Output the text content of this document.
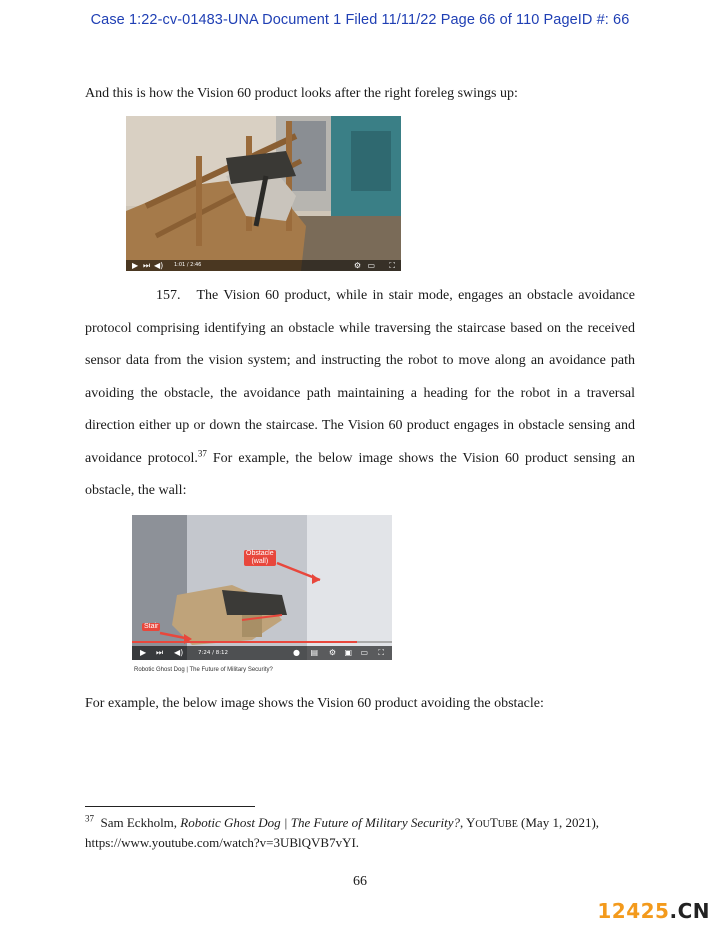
Case 1:22-cv-01483-UNA Document 1 Filed 11/11/22 Page 66 of 110 PageID #: 66
And this is how the Vision 60 product looks after the right foreleg swings up:
▶ ⏭ ◀) 1:01 / 2:46	⚙ ▭ ⛶
157. The Vision 60 product, while in stair mode, engages an obstacle avoidance protocol comprising identifying an obstacle while traversing the staircase based on the received sensor data from the vision system; and instructing the robot to move along an avoidance path avoiding the obstacle, the avoidance path maintaining a heading for the robot in a traversal direction either up or down the staircase. The Vision 60 product engages in obstacle sensing and avoidance protocol.$^{37}$ For example, the below image shows the Vision 60 product sensing an obstacle, the wall:
Obstacle
(wall)
Stair
▶ ⏭ ◀)	7:24 / 8:12	● ▤ ⚙ ▣ ▭ ⛶
Robotic Ghost Dog | The Future of Military Security?
For example, the below image shows the Vision 60 product avoiding the obstacle:
$^{37}$ Sam Eckholm, Robotic Ghost Dog | The Future of Military Security?, YOUTUBE (May 1, 2021),
https://www.youtube.com/watch?v=3UBlQVB7vYI.
66
12425.CN
